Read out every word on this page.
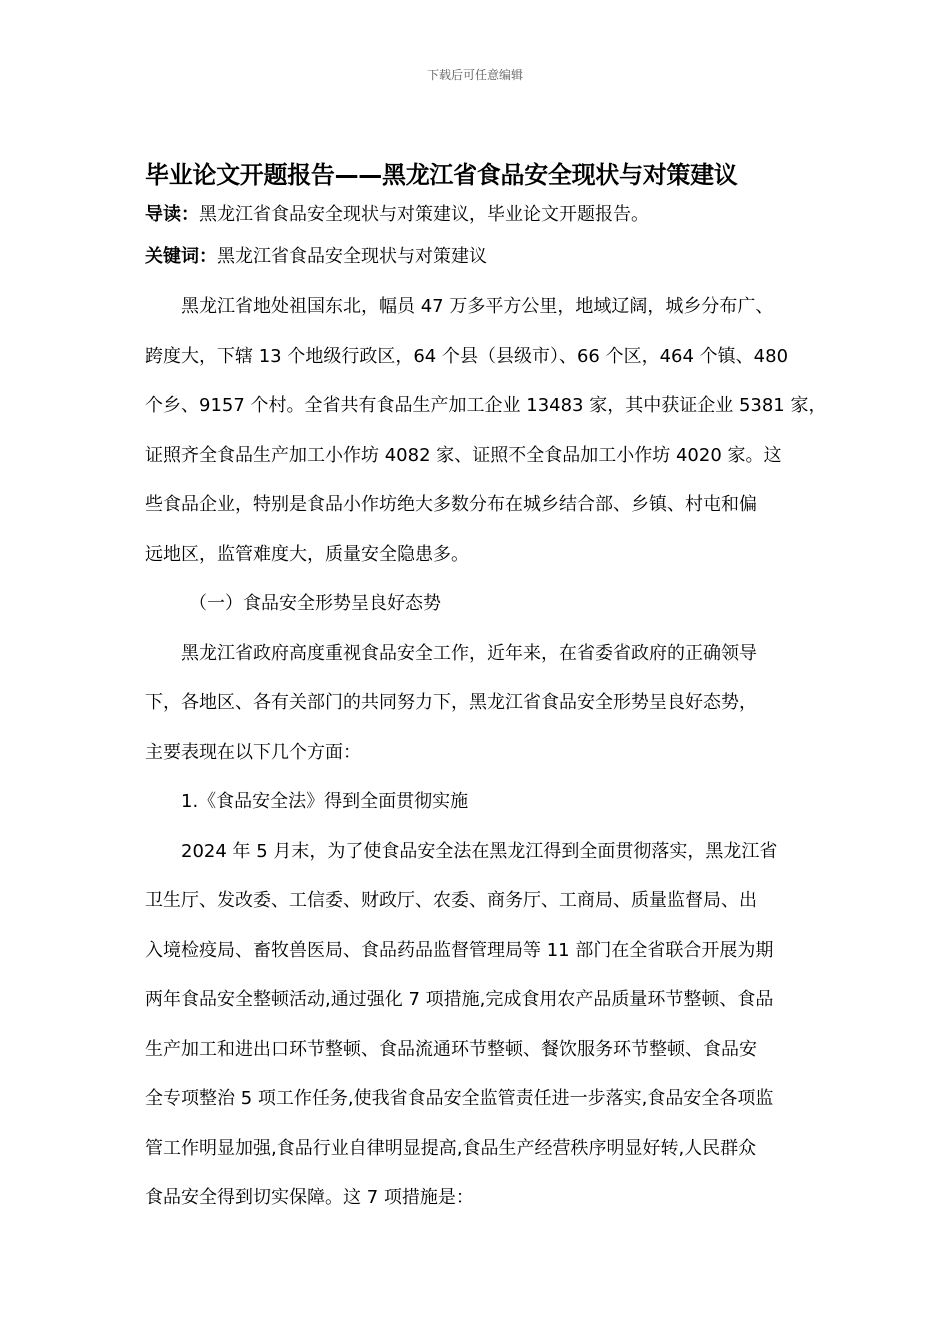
下载后可任意编辑
毕业论文开题报告——黑龙江省食品安全现状与对策建议

导读：黑龙江省食品安全现状与对策建议，毕业论文开题报告。

关键词：黑龙江省食品安全现状与对策建议

黑龙江省地处祖国东北，幅员 47 万多平方公里，地域辽阔，城乡分布广、
跨度大，下辖 13 个地级行政区，64 个县（县级市）、66 个区，464 个镇、480
个乡、9157 个村。全省共有食品生产加工企业 13483 家，其中获证企业 5381 家，
证照齐全食品生产加工小作坊 4082 家、证照不全食品加工小作坊 4020 家。这
些食品企业，特别是食品小作坊绝大多数分布在城乡结合部、乡镇、村屯和偏
远地区，监管难度大，质量安全隐患多。

（一）食品安全形势呈良好态势

黑龙江省政府高度重视食品安全工作，近年来，在省委省政府的正确领导
下，各地区、各有关部门的共同努力下，黑龙江省食品安全形势呈良好态势，
主要表现在以下几个方面：

1.《食品安全法》得到全面贯彻实施

2024 年 5 月末，为了使食品安全法在黑龙江得到全面贯彻落实，黑龙江省
卫生厅、发改委、工信委、财政厅、农委、商务厅、工商局、质量监督局、出
入境检疫局、畜牧兽医局、食品药品监督管理局等 11 部门在全省联合开展为期
两年食品安全整顿活动,通过强化 7 项措施,完成食用农产品质量环节整顿、食品
生产加工和进出口环节整顿、食品流通环节整顿、餐饮服务环节整顿、食品安
全专项整治 5 项工作任务,使我省食品安全监管责任进一步落实,食品安全各项监
管工作明显加强,食品行业自律明显提高,食品生产经营秩序明显好转,人民群众
食品安全得到切实保障。这 7 项措施是：
